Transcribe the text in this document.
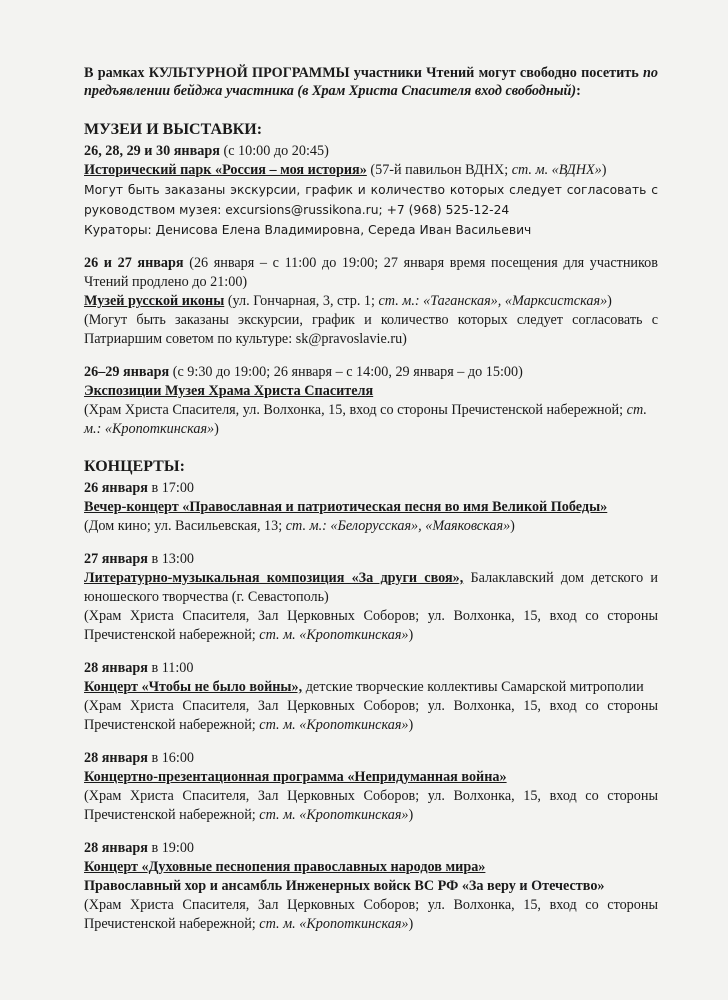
В рамках КУЛЬТУРНОЙ ПРОГРАММЫ участники Чтений могут свободно посетить по предъявлении бейджа участника (в Храм Христа Спасителя вход свободный):

МУЗЕИ И ВЫСТАВКИ:
26, 28, 29 и 30 января (с 10:00 до 20:45)
Исторический парк «Россия – моя история» (57-й павильон ВДНХ; ст. м. «ВДНХ»)
Могут быть заказаны экскурсии, график и количество которых следует согласовать с руководством музея: excursions@russikona.ru; +7 (968) 525-12-24
Кураторы: Денисова Елена Владимировна, Середа Иван Васильевич
26 и 27 января (26 января – с 11:00 до 19:00; 27 января время посещения для участников Чтений продлено до 21:00)
Музей русской иконы (ул. Гончарная, 3, стр. 1; ст. м.: «Таганская», «Марксистская»)
(Могут быть заказаны экскурсии, график и количество которых следует согласовать с Патриаршим советом по культуре: sk@pravoslavie.ru)
26–29 января (с 9:30 до 19:00; 26 января – с 14:00, 29 января – до 15:00)
Экспозиции Музея Храма Христа Спасителя
(Храм Христа Спасителя, ул. Волхонка, 15, вход со стороны Пречистенской набережной; ст. м.: «Кропоткинская»)
КОНЦЕРТЫ:
26 января в 17:00
Вечер-концерт «Православная и патриотическая песня во имя Великой Победы»
(Дом кино; ул. Васильевская, 13; ст. м.: «Белорусская», «Маяковская»)
27 января в 13:00
Литературно-музыкальная композиция «За други своя», Балаклавский дом детского и юношеского творчества (г. Севастополь)
(Храм Христа Спасителя, Зал Церковных Соборов; ул. Волхонка, 15, вход со стороны Пречистенской набережной; ст. м. «Кропоткинская»)
28 января в 11:00
Концерт «Чтобы не было войны», детские творческие коллективы Самарской митрополии
(Храм Христа Спасителя, Зал Церковных Соборов; ул. Волхонка, 15, вход со стороны Пречистенской набережной; ст. м. «Кропоткинская»)
28 января в 16:00
Концертно-презентационная программа «Непридуманная война»
(Храм Христа Спасителя, Зал Церковных Соборов; ул. Волхонка, 15, вход со стороны Пречистенской набережной; ст. м. «Кропоткинская»)
28 января в 19:00
Концерт «Духовные песнопения православных народов мира»
Православный хор и ансамбль Инженерных войск ВС РФ «За веру и Отечество»
(Храм Христа Спасителя, Зал Церковных Соборов; ул. Волхонка, 15, вход со стороны Пречистенской набережной; ст. м. «Кропоткинская»)
